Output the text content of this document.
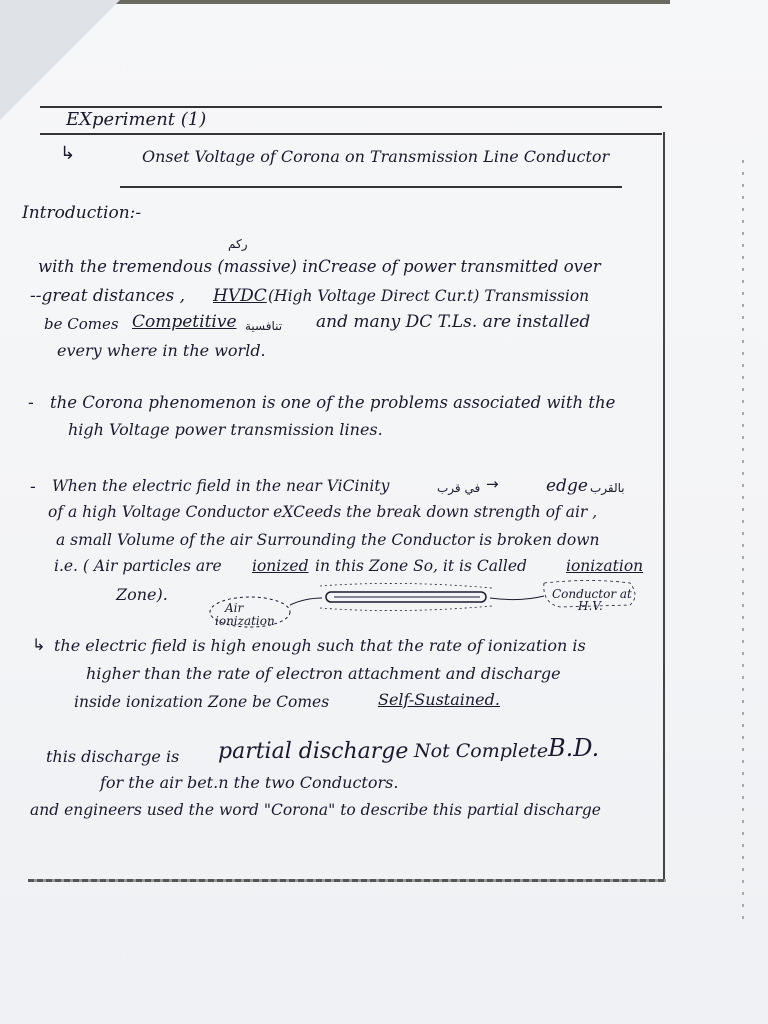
EXperiment (1)
↳	Onset Voltage of Corona on Transmission Line Conductor
Introduction:-
ركم
with the tremendous (massive) inCrease of power transmitted over
--great distances , HVDC (High Voltage Direct Cur.t) Transmission
be Comes Competitive تنافسية and many DC T.Ls. are installed
every where in the world.
- the Corona phenomenon is one of the problems associated with the
high Voltage power transmission lines.
- When the electric field in the near ViCinity	في قرب →	edge بالقرب
of a high Voltage Conductor eXCeeds the break down strength of air ,
a small Volume of the air Surrounding the Conductor is broken down
i.e. ( Air particles are ionized in this Zone So, it is Called	ionization
Zone).
Air
ionization
Conductor at
H.V.
↳ the electric field is high enough such that the rate of ionization is
higher than the rate of electron attachment and discharge
inside ionization Zone be Comes	Self-Sustained.
this discharge is partial discharge Not Complete B.D.
for the air bet.n the two Conductors.
and engineers used the word "Corona" to describe this partial discharge
